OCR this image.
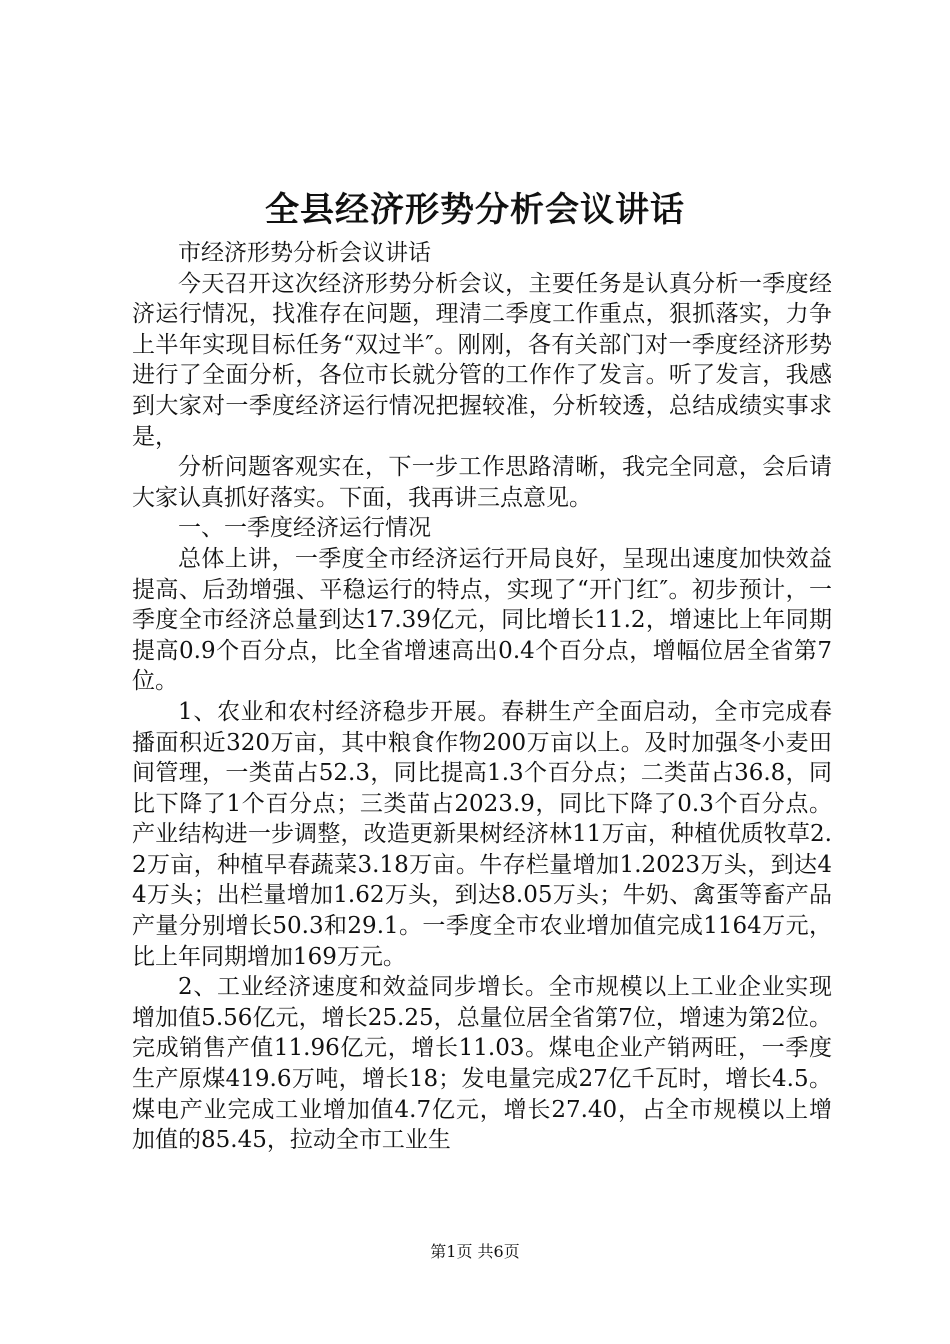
全县经济形势分析会议讲话

市经济形势分析会议讲话

今天召开这次经济形势分析会议，主要任务是认真分析一季度经济运行情况，找准存在问题，理清二季度工作重点，狠抓落实，力争上半年实现目标任务“双过半″。刚刚，各有关部门对一季度经济形势进行了全面分析，各位市长就分管的工作作了发言。听了发言，我感到大家对一季度经济运行情况把握较准，分析较透，总结成绩实事求是，

分析问题客观实在，下一步工作思路清晰，我完全同意，会后请大家认真抓好落实。下面，我再讲三点意见。

一、一季度经济运行情况

总体上讲，一季度全市经济运行开局良好，呈现出速度加快效益提高、后劲增强、平稳运行的特点，实现了“开门红″。初步预计，一季度全市经济总量到达17.39亿元，同比增长11.2，增速比上年同期提高0.9个百分点，比全省增速高出0.4个百分点，增幅位居全省第7位。

1、农业和农村经济稳步开展。春耕生产全面启动，全市完成春播面积近320万亩，其中粮食作物200万亩以上。及时加强冬小麦田间管理，一类苗占52.3，同比提高1.3个百分点；二类苗占36.8，同比下降了1个百分点；三类苗占2023.9，同比下降了0.3个百分点。产业结构进一步调整，改造更新果树经济林11万亩，种植优质牧草2.2万亩，种植早春蔬菜3.18万亩。牛存栏量增加1.2023万头，到达44万头；出栏量增加1.62万头，到达8.05万头；牛奶、禽蛋等畜产品产量分别增长50.3和29.1。一季度全市农业增加值完成1164万元，比上年同期增加169万元。

2、工业经济速度和效益同步增长。全市规模以上工业企业实现增加值5.56亿元，增长25.25，总量位居全省第7位，增速为第2位。完成销售产值11.96亿元，增长11.03。煤电企业产销两旺，一季度生产原煤419.6万吨，增长18；发电量完成27亿千瓦时，增长4.5。煤电产业完成工业增加值4.7亿元，增长27.40，占全市规模以上增加值的85.45，拉动全市工业生

第1页 共6页
